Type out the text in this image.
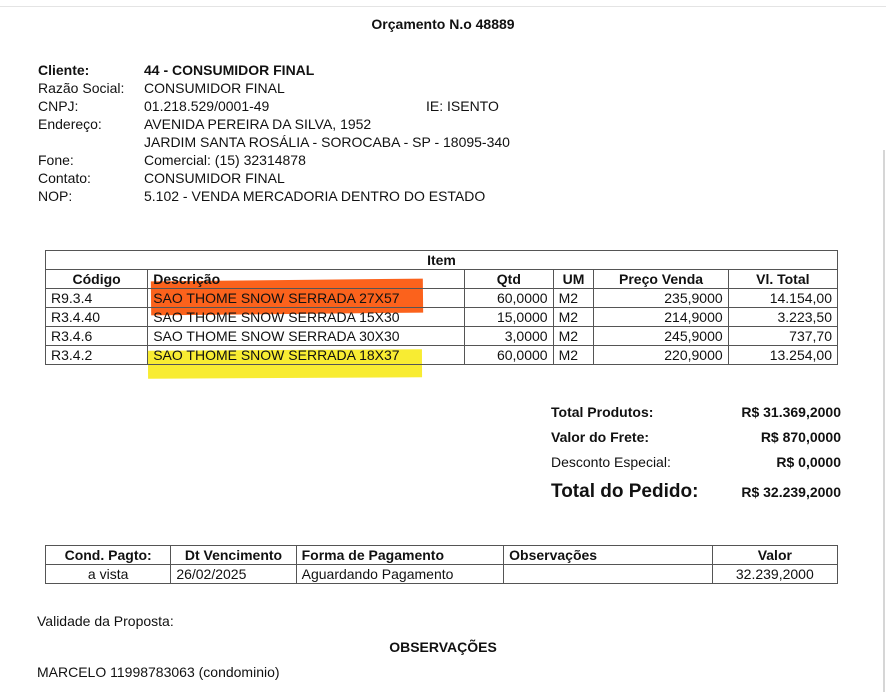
Orçamento N.o 48889
Cliente:	44 - CONSUMIDOR FINAL
Razão Social: CONSUMIDOR FINAL
CNPJ:	01.218.529/0001-49	IE: ISENTO
Endereço:	AVENIDA PEREIRA DA SILVA, 1952
JARDIM SANTA ROSÁLIA - SOROCABA - SP - 18095-340
Fone:	Comercial: (15) 32314878
Contato:	CONSUMIDOR FINAL
NOP:	5.102 - VENDA MERCADORIA DENTRO DO ESTADO
Item					
Código	Descrição	Qtd	UM	Preço Venda	Vl. Total
R9.3.4	SAO THOME SNOW SERRADA 27X57	60,0000	M2	235,9000	14.154,00
R3.4.40	SAO THOME SNOW SERRADA 15X30	15,0000	M2	214,9000	3.223,50
R3.4.6	SAO THOME SNOW SERRADA 30X30	3,0000	M2	245,9000	737,70
R3.4.2	SAO THOME SNOW SERRADA 18X37	60,0000	M2	220,9000	13.254,00
Total Produtos:	R$ 31.369,2000
Valor do Frete:	R$ 870,0000
Desconto Especial:	R$ 0,0000
Total do Pedido:	R$ 32.239,2000
Cond. Pagto:	Dt Vencimento	Forma de Pagamento	Observações	Valor
a vista	26/02/2025	Aguardando Pagamento		32.239,2000
Validade da Proposta:
OBSERVAÇÕES
MARCELO 11998783063 (condominio)
